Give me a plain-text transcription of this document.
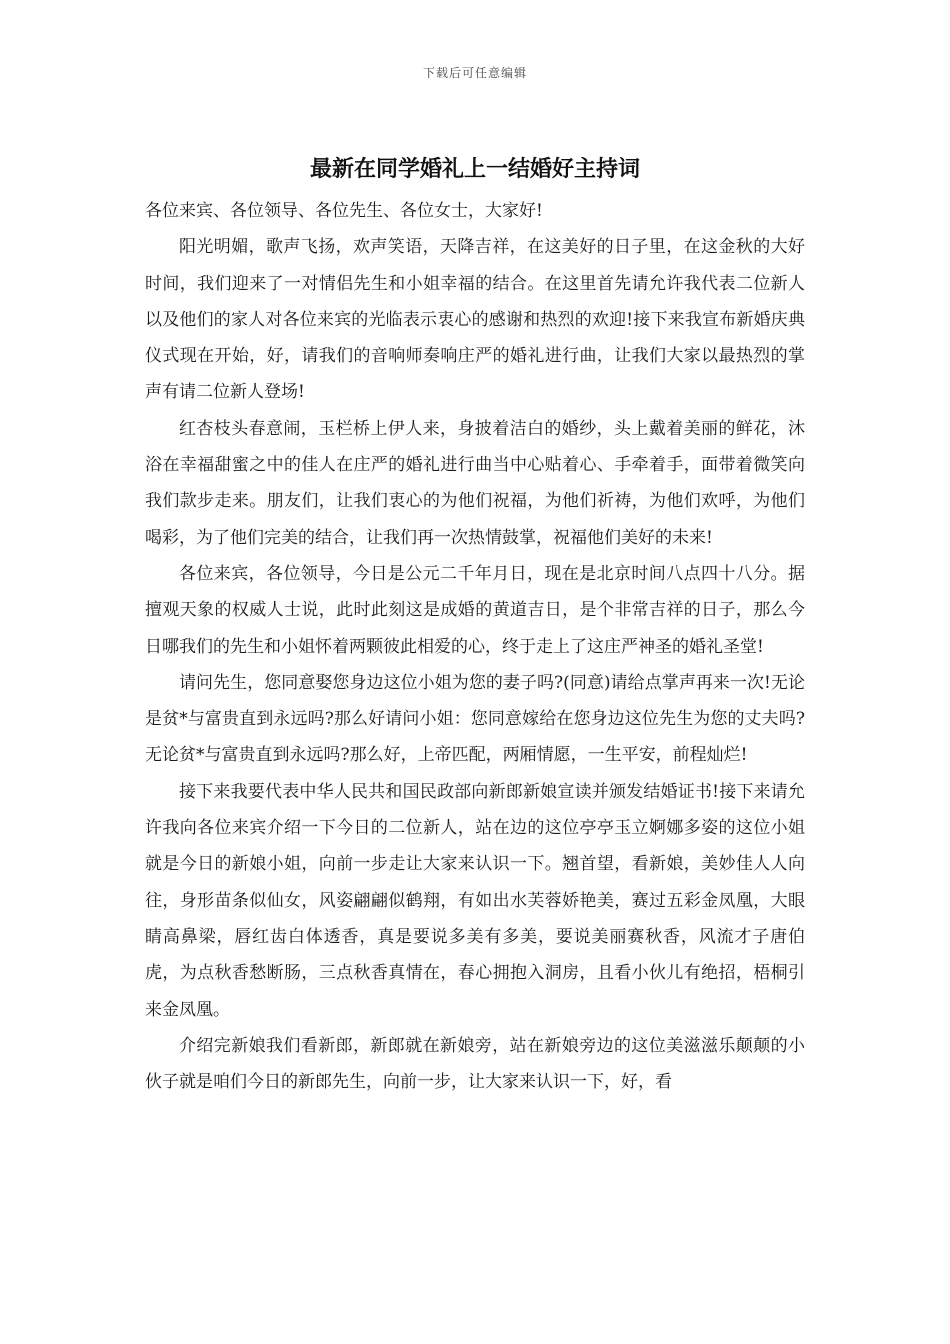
下载后可任意编辑
最新在同学婚礼上一结婚好主持词

各位来宾、各位领导、各位先生、各位女士，大家好!

阳光明媚，歌声飞扬，欢声笑语，天降吉祥，在这美好的日子里，在这金秋的大好时间，我们迎来了一对情侣先生和小姐幸福的结合。在这里首先请允许我代表二位新人以及他们的家人对各位来宾的光临表示衷心的感谢和热烈的欢迎!接下来我宣布新婚庆典仪式现在开始，好，请我们的音响师奏响庄严的婚礼进行曲，让我们大家以最热烈的掌声有请二位新人登场!

红杏枝头春意闹，玉栏桥上伊人来，身披着洁白的婚纱，头上戴着美丽的鲜花，沐浴在幸福甜蜜之中的佳人在庄严的婚礼进行曲当中心贴着心、手牵着手，面带着微笑向我们款步走来。朋友们，让我们衷心的为他们祝福，为他们祈祷，为他们欢呼，为他们喝彩，为了他们完美的结合，让我们再一次热情鼓掌，祝福他们美好的未来!

各位来宾，各位领导，今日是公元二千年月日，现在是北京时间八点四十八分。据擅观天象的权威人士说，此时此刻这是成婚的黄道吉日，是个非常吉祥的日子，那么今日哪我们的先生和小姐怀着两颗彼此相爱的心，终于走上了这庄严神圣的婚礼圣堂!

请问先生，您同意娶您身边这位小姐为您的妻子吗?(同意)请给点掌声再来一次!无论是贫*与富贵直到永远吗?那么好请问小姐：您同意嫁给在您身边这位先生为您的丈夫吗?无论贫*与富贵直到永远吗?那么好，上帝匹配，两厢情愿，一生平安，前程灿烂!

接下来我要代表中华人民共和国民政部向新郎新娘宣读并颁发结婚证书!接下来请允许我向各位来宾介绍一下今日的二位新人，站在边的这位亭亭玉立婀娜多姿的这位小姐就是今日的新娘小姐，向前一步走让大家来认识一下。翘首望，看新娘，美妙佳人人向往，身形苗条似仙女，风姿翩翩似鹤翔，有如出水芙蓉娇艳美，赛过五彩金凤凰，大眼睛高鼻梁，唇红齿白体透香，真是要说多美有多美，要说美丽赛秋香，风流才子唐伯虎，为点秋香愁断肠，三点秋香真情在，春心拥抱入洞房，且看小伙儿有绝招，梧桐引来金凤凰。

介绍完新娘我们看新郎，新郎就在新娘旁，站在新娘旁边的这位美滋滋乐颠颠的小伙子就是咱们今日的新郎先生，向前一步，让大家来认识一下，好，看
